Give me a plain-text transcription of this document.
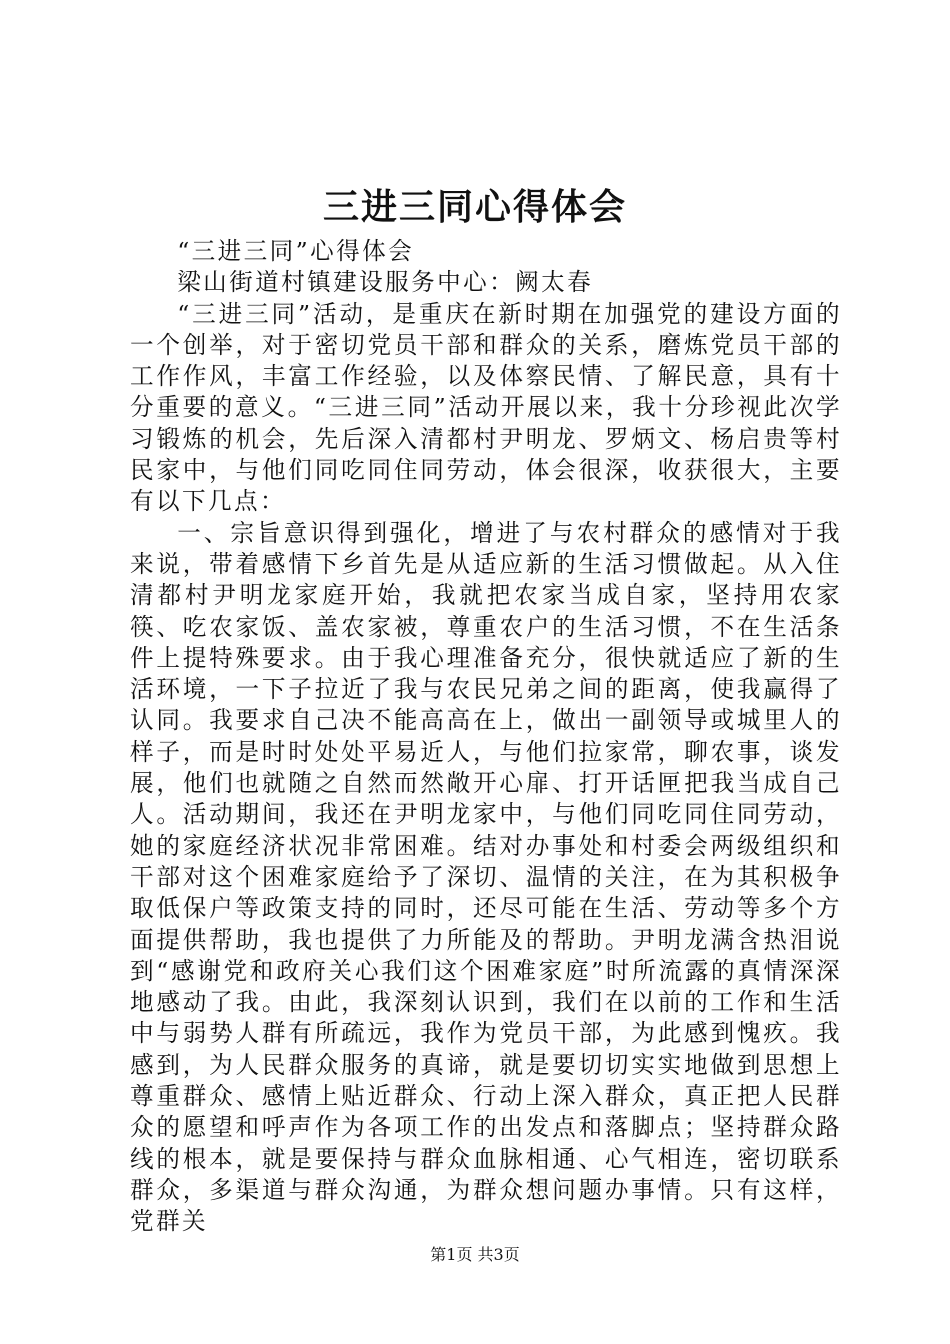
三进三同心得体会

“三进三同”心得体会

梁山街道村镇建设服务中心：阙太春

“三进三同”活动，是重庆在新时期在加强党的建设方面的一个创举，对于密切党员干部和群众的关系，磨炼党员干部的工作作风，丰富工作经验，以及体察民情、了解民意，具有十分重要的意义。“三进三同”活动开展以来，我十分珍视此次学习锻炼的机会，先后深入清都村尹明龙、罗炳文、杨启贵等村民家中，与他们同吃同住同劳动，体会很深，收获很大，主要有以下几点：

一、宗旨意识得到强化，增进了与农村群众的感情对于我来说，带着感情下乡首先是从适应新的生活习惯做起。从入住清都村尹明龙家庭开始，我就把农家当成自家，坚持用农家筷、吃农家饭、盖农家被，尊重农户的生活习惯，不在生活条件上提特殊要求。由于我心理准备充分，很快就适应了新的生活环境，一下子拉近了我与农民兄弟之间的距离，使我赢得了认同。我要求自己决不能高高在上，做出一副领导或城里人的样子，而是时时处处平易近人，与他们拉家常，聊农事，谈发展，他们也就随之自然而然敞开心扉、打开话匣把我当成自己人。活动期间，我还在尹明龙家中，与他们同吃同住同劳动，她的家庭经济状况非常困难。结对办事处和村委会两级组织和干部对这个困难家庭给予了深切、温情的关注，在为其积极争取低保户等政策支持的同时，还尽可能在生活、劳动等多个方面提供帮助，我也提供了力所能及的帮助。尹明龙满含热泪说到“感谢党和政府关心我们这个困难家庭”时所流露的真情深深地感动了我。由此，我深刻认识到，我们在以前的工作和生活中与弱势人群有所疏远，我作为党员干部，为此感到愧疚。我感到，为人民群众服务的真谛，就是要切切实实地做到思想上尊重群众、感情上贴近群众、行动上深入群众，真正把人民群众的愿望和呼声作为各项工作的出发点和落脚点；坚持群众路线的根本，就是要保持与群众血脉相通、心气相连，密切联系群众，多渠道与群众沟通，为群众想问题办事情。只有这样，党群关

第1页 共3页
